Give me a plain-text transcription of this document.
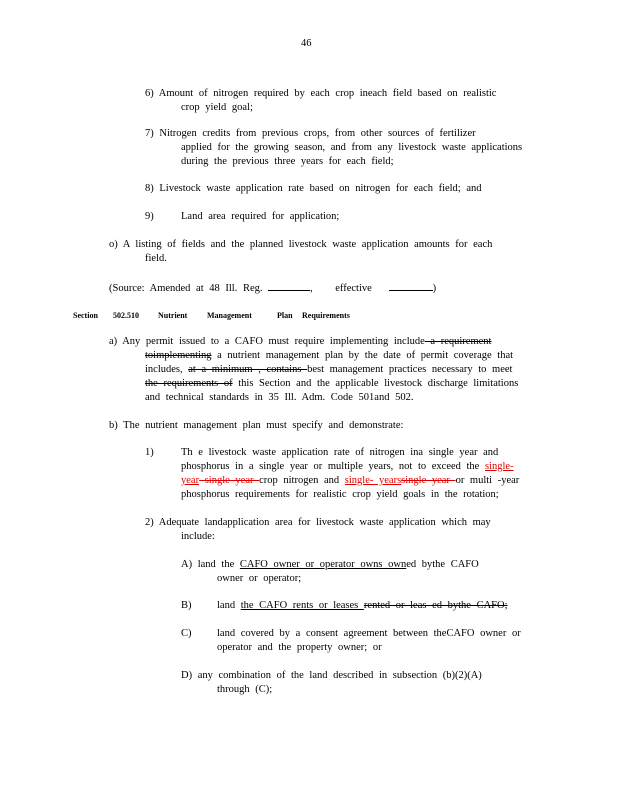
46
6) Amount of nitrogen required by each crop ineach field based on realistic
crop yield goal;
7) Nitrogen credits from previous crops, from other sources of fertilizer
applied for the growing season, and from any livestock waste applications
during the previous three years for each field;
8) Livestock waste application rate based on nitrogen for each field; and
9)	Land area required for application;
o) A listing of fields and the planned livestock waste application amounts for each
field.
(Source: Amended at 48 Ill. Reg.	, effective	)
Section 502.510 Nutrient Management	Plan Requirements
a) Any permit issued to a CAFO must require implementing include a requirement
toimplementing a nutrient management plan by the date of permit coverage that
includes, at a minimum , contains best management practices necessary to meet
the requirements of this Section and the applicable livestock discharge limitations
and technical standards in 35 Ill. Adm. Code 501and 502.
b) The nutrient management plan must specify and demonstrate:
1)	Th e livestock waste application rate of nitrogen ina single year and
phosphorus in a single year or multiple years, not to exceed the single-
year single year crop nitrogen and single- yearssingle year or multi -year
phosphorus requirements for realistic crop yield goals in the rotation;
2) Adequate landapplication area for livestock waste application which may
include:
A) land the CAFO owner or operator owns owned bythe CAFO
owner or operator;
B) land the CAFO rents or leases rented or leas ed bythe CAFO;
C) land covered by a consent agreement between theCAFO owner or
operator and the property owner; or
D) any combination of the land described in subsection (b)(2)(A)
through (C);
